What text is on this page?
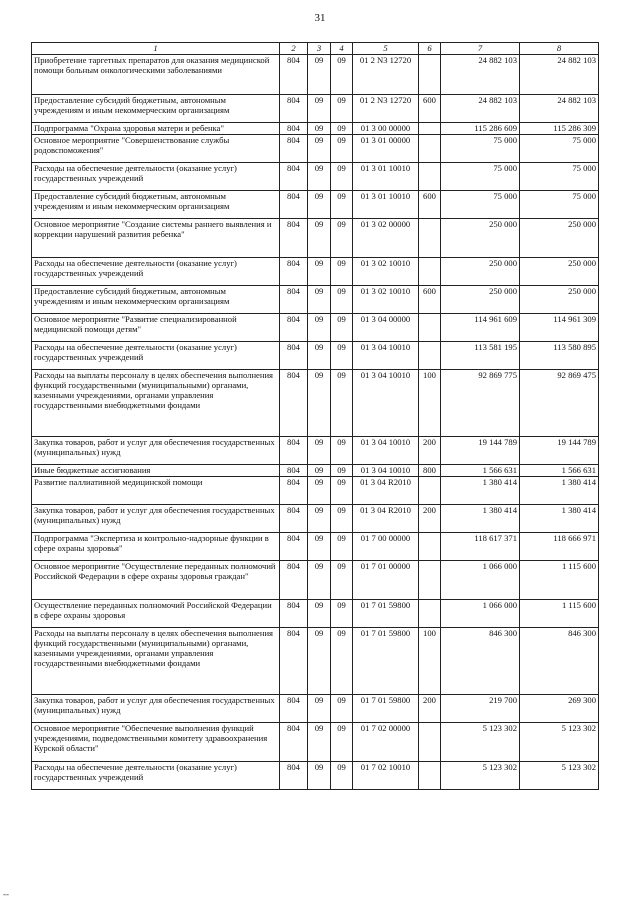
31
1	2	3	4	5	6	7	8
Приобретение таргетных препаратов для оказания медицинской помощи больным онкологическими заболеваниями	804	09	09	01 2 N3 12720		24 882 103	24 882 103
Предоставление субсидий бюджетным, автономным учреждениям и иным некоммерческим организациям	804	09	09	01 2 N3 12720	600	24 882 103	24 882 103
Подпрограмма "Охрана здоровья матери и ребенка"	804	09	09	01 3 00 00000		115 286 609	115 286 309
Основное мероприятие "Совершенствование службы родовспоможения"	804	09	09	01 3 01 00000		75 000	75 000
Расходы на обеспечение деятельности (оказание услуг) государственных учреждений	804	09	09	01 3 01 10010		75 000	75 000
Предоставление субсидий бюджетным, автономным учреждениям и иным некоммерческим организациям	804	09	09	01 3 01 10010	600	75 000	75 000
Основное мероприятие "Создание системы раннего выявления и коррекции нарушений развития ребенка"	804	09	09	01 3 02 00000		250 000	250 000
Расходы на обеспечение деятельности (оказание услуг) государственных учреждений	804	09	09	01 3 02 10010		250 000	250 000
Предоставление субсидий бюджетным, автономным учреждениям и иным некоммерческим организациям	804	09	09	01 3 02 10010	600	250 000	250 000
Основное мероприятие "Развитие специализированной медицинской помощи детям"	804	09	09	01 3 04 00000		114 961 609	114 961 309
Расходы на обеспечение деятельности (оказание услуг) государственных учреждений	804	09	09	01 3 04 10010		113 581 195	113 580 895
Расходы на выплаты персоналу в целях обеспечения выполнения функций государственными (муниципальными) органами, казенными учреждениями, органами управления государственными внебюджетными фондами	804	09	09	01 3 04 10010	100	92 869 775	92 869 475
Закупка товаров, работ и услуг для обеспечения государственных (муниципальных) нужд	804	09	09	01 3 04 10010	200	19 144 789	19 144 789
Иные бюджетные ассигнования	804	09	09	01 3 04 10010	800	1 566 631	1 566 631
Развитие паллиативной медицинской помощи	804	09	09	01 3 04 R2010		1 380 414	1 380 414
Закупка товаров, работ и услуг для обеспечения государственных (муниципальных) нужд	804	09	09	01 3 04 R2010	200	1 380 414	1 380 414
Подпрограмма "Экспертиза и контрольно-надзорные функции в сфере охраны здоровья"	804	09	09	01 7 00 00000		118 617 371	118 666 971
Основное мероприятие "Осуществление переданных полномочий Российской Федерации в сфере охраны здоровья граждан"	804	09	09	01 7 01 00000		1 066 000	1 115 600
Осуществление переданных полномочий Российской Федерации в сфере охраны здоровья	804	09	09	01 7 01 59800		1 066 000	1 115 600
Расходы на выплаты персоналу в целях обеспечения выполнения функций государственными (муниципальными) органами, казенными учреждениями, органами управления государственными внебюджетными фондами	804	09	09	01 7 01 59800	100	846 300	846 300
Закупка товаров, работ и услуг для обеспечения государственных (муниципальных) нужд	804	09	09	01 7 01 59800	200	219 700	269 300
Основное мероприятие "Обеспечение выполнения функций учреждениями, подведомственными комитету здравоохранения Курской области"	804	09	09	01 7 02 00000		5 123 302	5 123 302
Расходы на обеспечение деятельности (оказание услуг) государственных учреждений	804	09	09	01 7 02 10010		5 123 302	5 123 302
--
